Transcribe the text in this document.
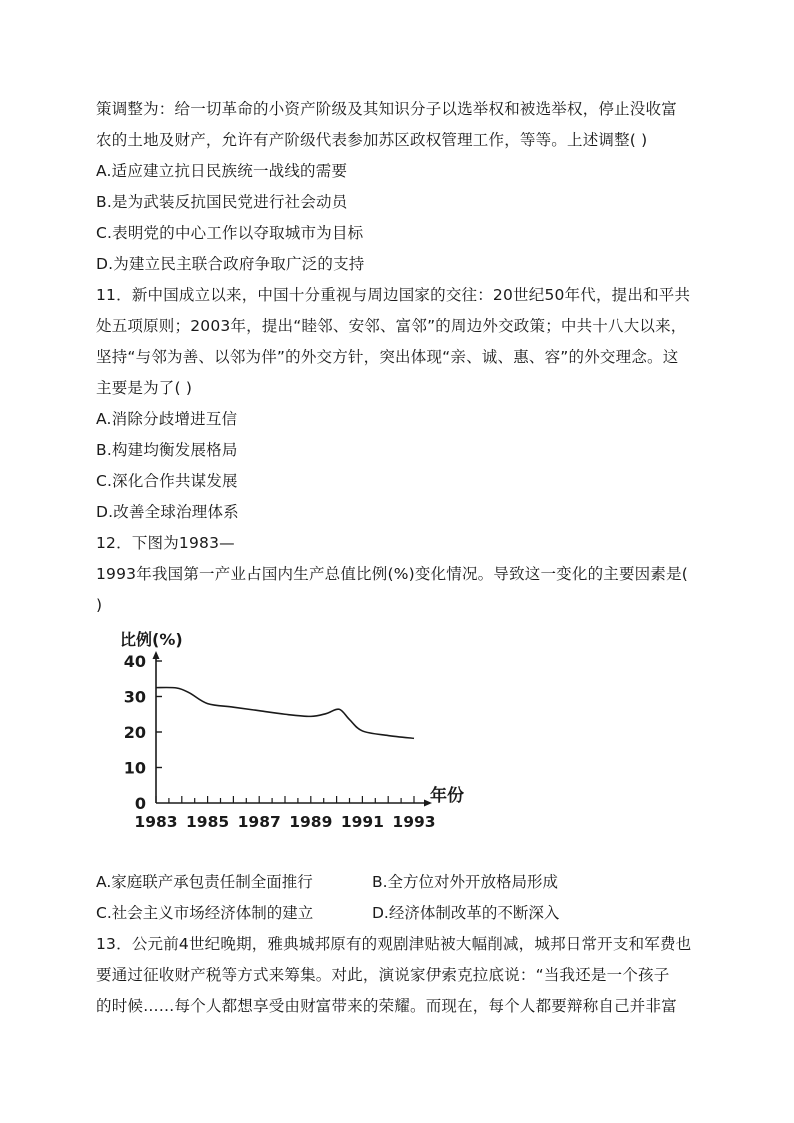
策调整为：给一切革命的小资产阶级及其知识分子以选举权和被选举权，停止没收富
农的土地及财产，允许有产阶级代表参加苏区政权管理工作，等等。上述调整( )
A.适应建立抗日民族统一战线的需要
B.是为武装反抗国民党进行社会动员
C.表明党的中心工作以夺取城市为目标
D.为建立民主联合政府争取广泛的支持
11．新中国成立以来，中国十分重视与周边国家的交往：20世纪50年代，提出和平共
处五项原则；2003年，提出“睦邻、安邻、富邻”的周边外交政策；中共十八大以来，
坚持“与邻为善、以邻为伴”的外交方针，突出体现“亲、诚、惠、容”的外交理念。这
主要是为了( )
A.消除分歧增进互信
B.构建均衡发展格局
C.深化合作共谋发展
D.改善全球治理体系
12．下图为1983—
1993年我国第一产业占国内生产总值比例(%)变化情况。导致这一变化的主要因素是(
)
0
10
20
30
40
1983 1985 1987 1989 1991 1993
比例(%)
年份
A.家庭联产承包责任制全面推行	B.全方位对外开放格局形成
C.社会主义市场经济体制的建立	D.经济体制改革的不断深入
13．公元前4世纪晚期，雅典城邦原有的观剧津贴被大幅削减，城邦日常开支和军费也
要通过征收财产税等方式来筹集。对此，演说家伊索克拉底说：“当我还是一个孩子
的时候……每个人都想享受由财富带来的荣耀。而现在，每个人都要辩称自己并非富
